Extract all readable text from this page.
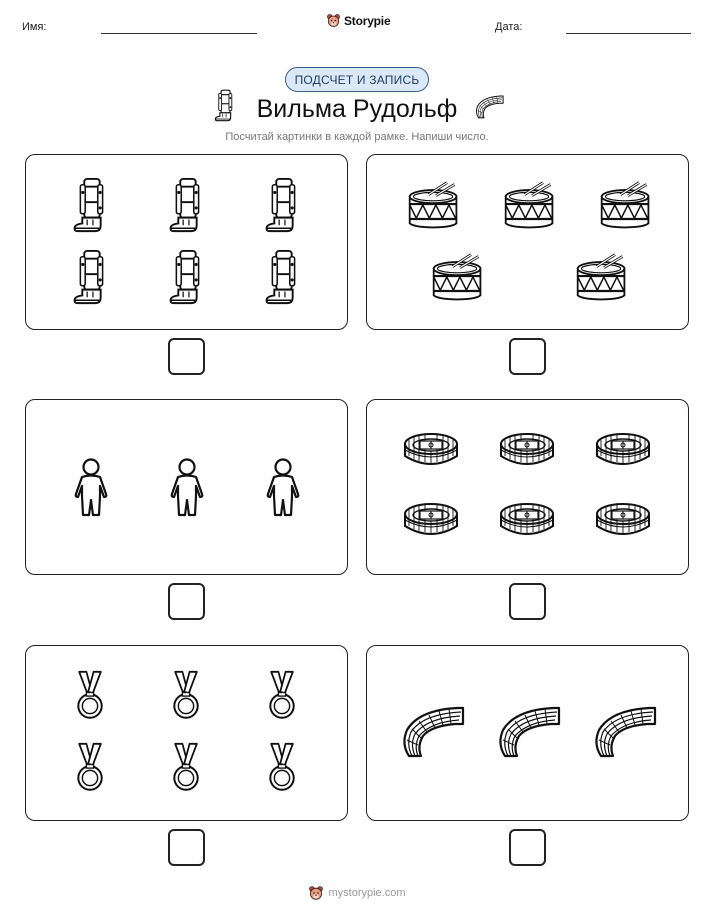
Имя:	Storypie	Дата:
ПОДСЧЕТ И ЗАПИСЬ
Вильма Рудольф
Посчитай картинки в каждой рамке. Напиши число.
mystorypie.com
